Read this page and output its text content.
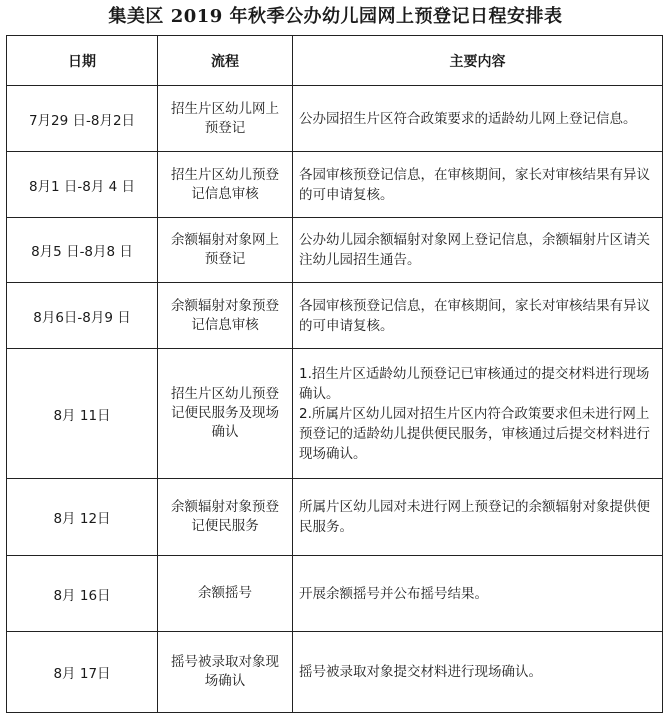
集美区 2019 年秋季公办幼儿园网上预登记日程安排表
日期	流程	主要内容
7月29 日-8月2日	招生片区幼儿网上预登记	公办园招生片区符合政策要求的适龄幼儿网上登记信息。

8月1 日-8月 4 日	招生片区幼儿预登记信息审核	各园审核预登记信息，在审核期间，家长对审核结果有异议的可申请复核。

8月5 日-8月8 日	余额辐射对象网上预登记	公办幼儿园余额辐射对象网上登记信息，余额辐射片区请关注幼儿园招生通告。

8月6日-8月9 日	余额辐射对象预登记信息审核	各园审核预登记信息，在审核期间，家长对审核结果有异议的可申请复核。

8月 11日	招生片区幼儿预登记便民服务及现场确认	1.招生片区适龄幼儿预登记已审核通过的提交材料进行现场确认。
2.所属片区幼儿园对招生片区内符合政策要求但未进行网上预登记的适龄幼儿提供便民服务，审核通过后提交材料进行现场确认。

8月 12日	余额辐射对象预登记便民服务	所属片区幼儿园对未进行网上预登记的余额辐射对象提供便民服务。

8月 16日	余额摇号	开展余额摇号并公布摇号结果。

8月 17日	摇号被录取对象现场确认	摇号被录取对象提交材料进行现场确认。
